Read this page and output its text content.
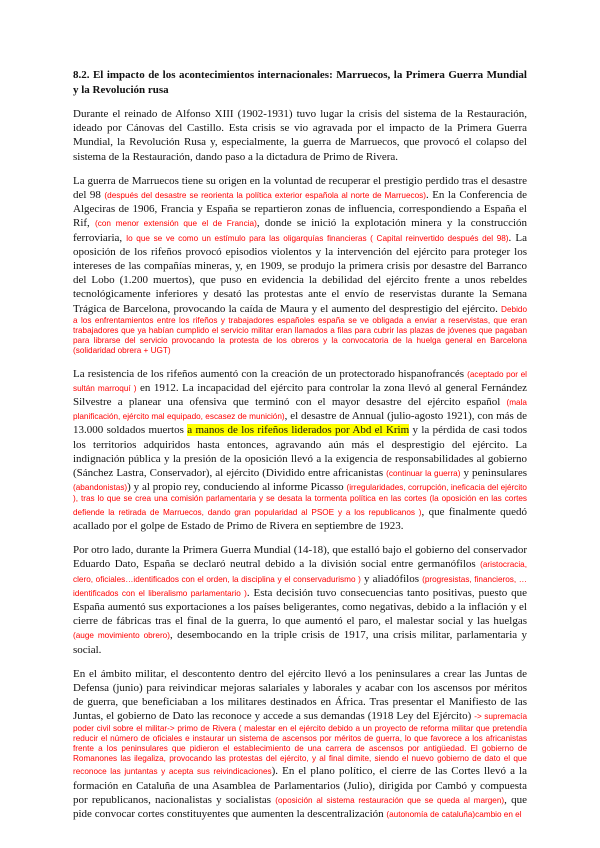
8.2. El impacto de los acontecimientos internacionales: Marruecos, la Primera Guerra Mundial y la Revolución rusa

Durante el reinado de Alfonso XIII (1902-1931) tuvo lugar la crisis del sistema de la Restauración, ideado por Cánovas del Castillo. Esta crisis se vio agravada por el impacto de la Primera Guerra Mundial, la Revolución Rusa y, especialmente, la guerra de Marruecos, que provocó el colapso del sistema de la Restauración, dando paso a la dictadura de Primo de Rivera.

La guerra de Marruecos tiene su origen en la voluntad de recuperar el prestigio perdido tras el desastre del 98 (después del desastre se reorienta la política exterior española al norte de Marruecos). En la Conferencia de Algeciras de 1906, Francia y España se repartieron zonas de influencia, correspondiendo a España el Rif, (con menor extensión que el de Francia), donde se inició la explotación minera y la construcción ferroviaria, lo que se ve como un estímulo para las oligarquías financieras ( Capital reinvertido después del 98). La oposición de los rifeños provocó episodios violentos y la intervención del ejército para proteger los intereses de las compañías mineras, y, en 1909, se produjo la primera crisis por desastre del Barranco del Lobo (1.200 muertos), que puso en evidencia la debilidad del ejército frente a unos rebeldes tecnológicamente inferiores y desató las protestas ante el envío de reservistas durante la Semana Trágica de Barcelona, provocando la caída de Maura y el aumento del desprestigio del ejército. Debido a los enfrentamientos entre los rifeños y trabajadores españoles españa se ve obligada a enviar a reservistas, que eran trabajadores que ya habían cumplido el servicio militar eran llamados a filas para cubrir las plazas de jóvenes que pagaban para librarse del servicio provocando la protesta de los obreros y la convocatoria de la huelga general en Barcelona (solidaridad obrera + UGT)

La resistencia de los rifeños aumentó con la creación de un protectorado hispanofrancés (aceptado por el sultán marroquí ) en 1912. La incapacidad del ejército para controlar la zona llevó al general Fernández Silvestre a planear una ofensiva que terminó con el mayor desastre del ejército español (mala planificación, ejército mal equipado, escasez de munición), el desastre de Annual (julio-agosto 1921), con más de 13.000 soldados muertos a manos de los rifeños liderados por Abd el Krim y la pérdida de casi todos los territorios adquiridos hasta entonces, agravando aún más el desprestigio del ejército. La indignación pública y la presión de la oposición llevó a la exigencia de responsabilidades al gobierno (Sánchez Lastra, Conservador), al ejército (Dividido entre africanistas (continuar la guerra) y peninsulares (abandonistas)) y al propio rey, conduciendo al informe Picasso (irregularidades, corrupción, ineficacia del ejército ), tras lo que se crea una comisión parlamentaria y se desata la tormenta política en las cortes (la oposición en las cortes defiende la retirada de Marruecos, dando gran popularidad al PSOE y a los republicanos ), que finalmente quedó acallado por el golpe de Estado de Primo de Rivera en septiembre de 1923.

Por otro lado, durante la Primera Guerra Mundial (14-18), que estalló bajo el gobierno del conservador Eduardo Dato, España se declaró neutral debido a la división social entre germanófilos (aristocracia, clero, oficiales…identificados con el orden, la disciplina y el conservadurismo ) y aliadófilos (progresistas, financieros, …identificados con el liberalismo parlamentario ). Esta decisión tuvo consecuencias tanto positivas, puesto que España aumentó sus exportaciones a los países beligerantes, como negativas, debido a la inflación y el cierre de fábricas tras el final de la guerra, lo que aumentó el paro, el malestar social y las huelgas (auge movimiento obrero), desembocando en la triple crisis de 1917, una crisis militar, parlamentaria y social.

En el ámbito militar, el descontento dentro del ejército llevó a los peninsulares a crear las Juntas de Defensa (junio) para reivindicar mejoras salariales y laborales y acabar con los ascensos por méritos de guerra, que beneficiaban a los militares destinados en África. Tras presentar el Manifiesto de las Juntas, el gobierno de Dato las reconoce y accede a sus demandas (1918 Ley del Ejército) -> supremacía poder civil sobre el militar-> primo de Rivera ( malestar en el ejército debido a un proyecto de reforma militar que pretendía reducir el número de oficiales e instaurar un sistema de ascensos por méritos de guerra, lo que favorece a los africanistas frente a los peninsulares que pidieron el establecimiento de una carrera de ascensos por antigüedad. El gobierno de Romanones las ilegaliza, provocando las protestas del ejército, y al final dimite, siendo el nuevo gobierno de dato el que reconoce las juntantas y acepta sus reivindicaciones). En el plano político, el cierre de las Cortes llevó a la formación en Cataluña de una Asamblea de Parlamentarios (Julio), dirigida por Cambó y compuesta por republicanos, nacionalistas y socialistas (oposición al sistema restauración que se queda al margen), que pide convocar cortes constituyentes que aumenten la descentralización (autonomía de cataluña)cambio en el
